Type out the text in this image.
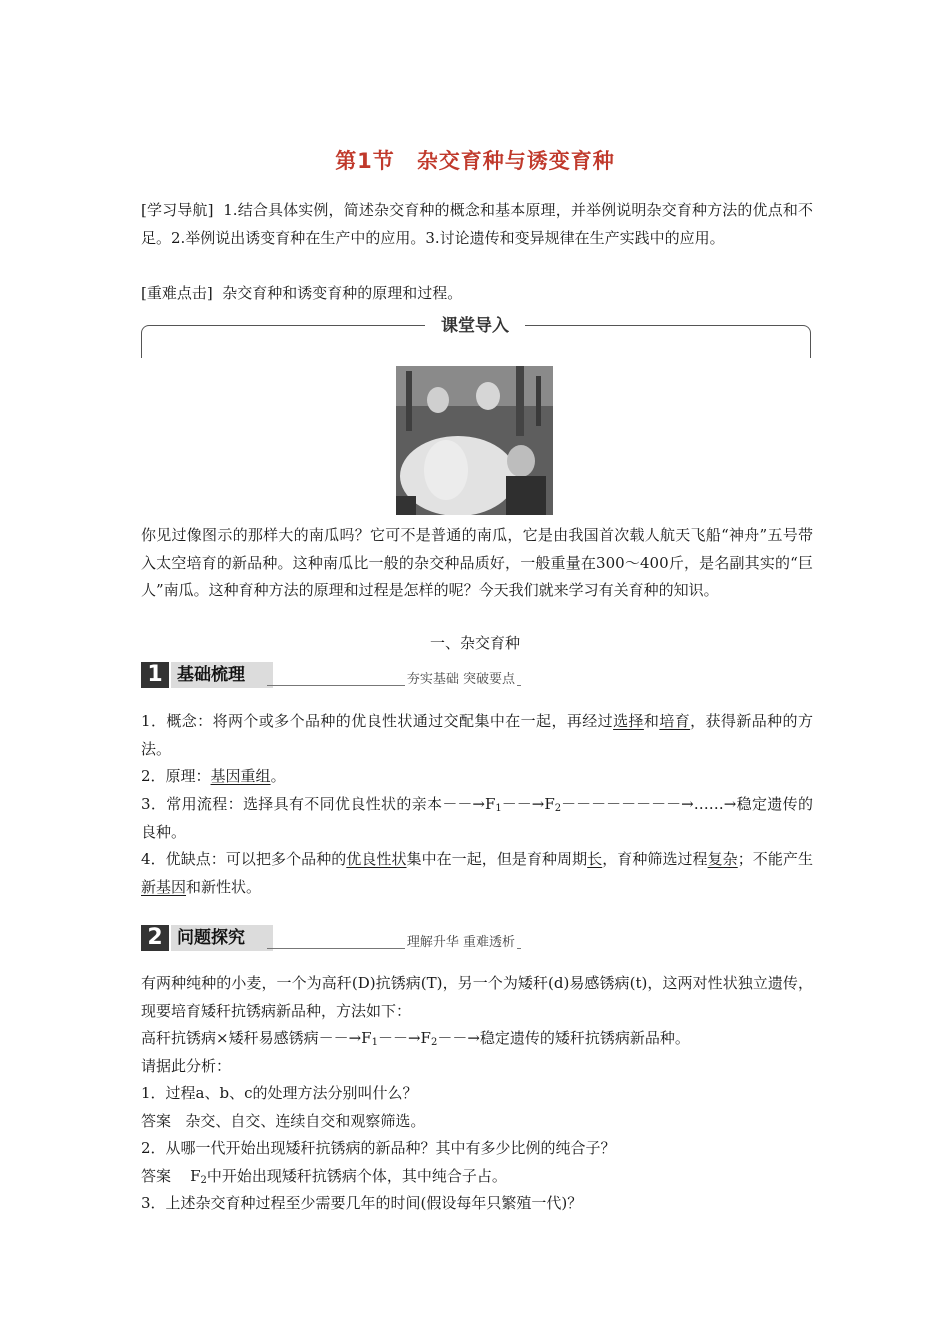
第1节 杂交育种与诱变育种
[学习导航] 1.结合具体实例，简述杂交育种的概念和基本原理，并举例说明杂交育种方法的优点和不足。2.举例说出诱变育种在生产中的应用。3.讨论遗传和变异规律在生产实践中的应用。
[重难点击] 杂交育种和诱变育种的原理和过程。
课堂导入
你见过像图示的那样大的南瓜吗？它可不是普通的南瓜，它是由我国首次载人航天飞船“神舟”五号带入太空培育的新品种。这种南瓜比一般的杂交种品质好，一般重量在300～400斤，是名副其实的“巨人”南瓜。这种育种方法的原理和过程是怎样的呢？今天我们就来学习有关育种的知识。
一、杂交育种
1 基础梳理	夯实基础 突破要点
1．概念：将两个或多个品种的优良性状通过交配集中在一起，再经过选择和培育，获得新品种的方法。
2．原理：基因重组。
3．常用流程：选择具有不同优良性状的亲本$--\to F_1--\to F_2--------\to\dots\dots\to$稳定遗传的良种。
4．优缺点：可以把多个品种的优良性状集中在一起，但是育种周期长，育种筛选过程复杂；不能产生新基因和新性状。
2 问题探究	理解升华 重难透析
有两种纯种的小麦，一个为高秆(D)抗锈病(T)，另一个为矮秆(d)易感锈病(t)，这两对性状独立遗传，现要培育矮秆抗锈病新品种，方法如下：
高秆抗锈病×矮秆易感锈病$--\to F_1--\to F_2--\to$稳定遗传的矮秆抗锈病新品种。
请据此分析：
1．过程a、b、c的处理方法分别叫什么？
答案 杂交、自交、连续自交和观察筛选。
2．从哪一代开始出现矮秆抗锈病的新品种？其中有多少比例的纯合子？
答案    $F_2$中开始出现矮秆抗锈病个体，其中纯合子占。
3．上述杂交育种过程至少需要几年的时间(假设每年只繁殖一代)？
